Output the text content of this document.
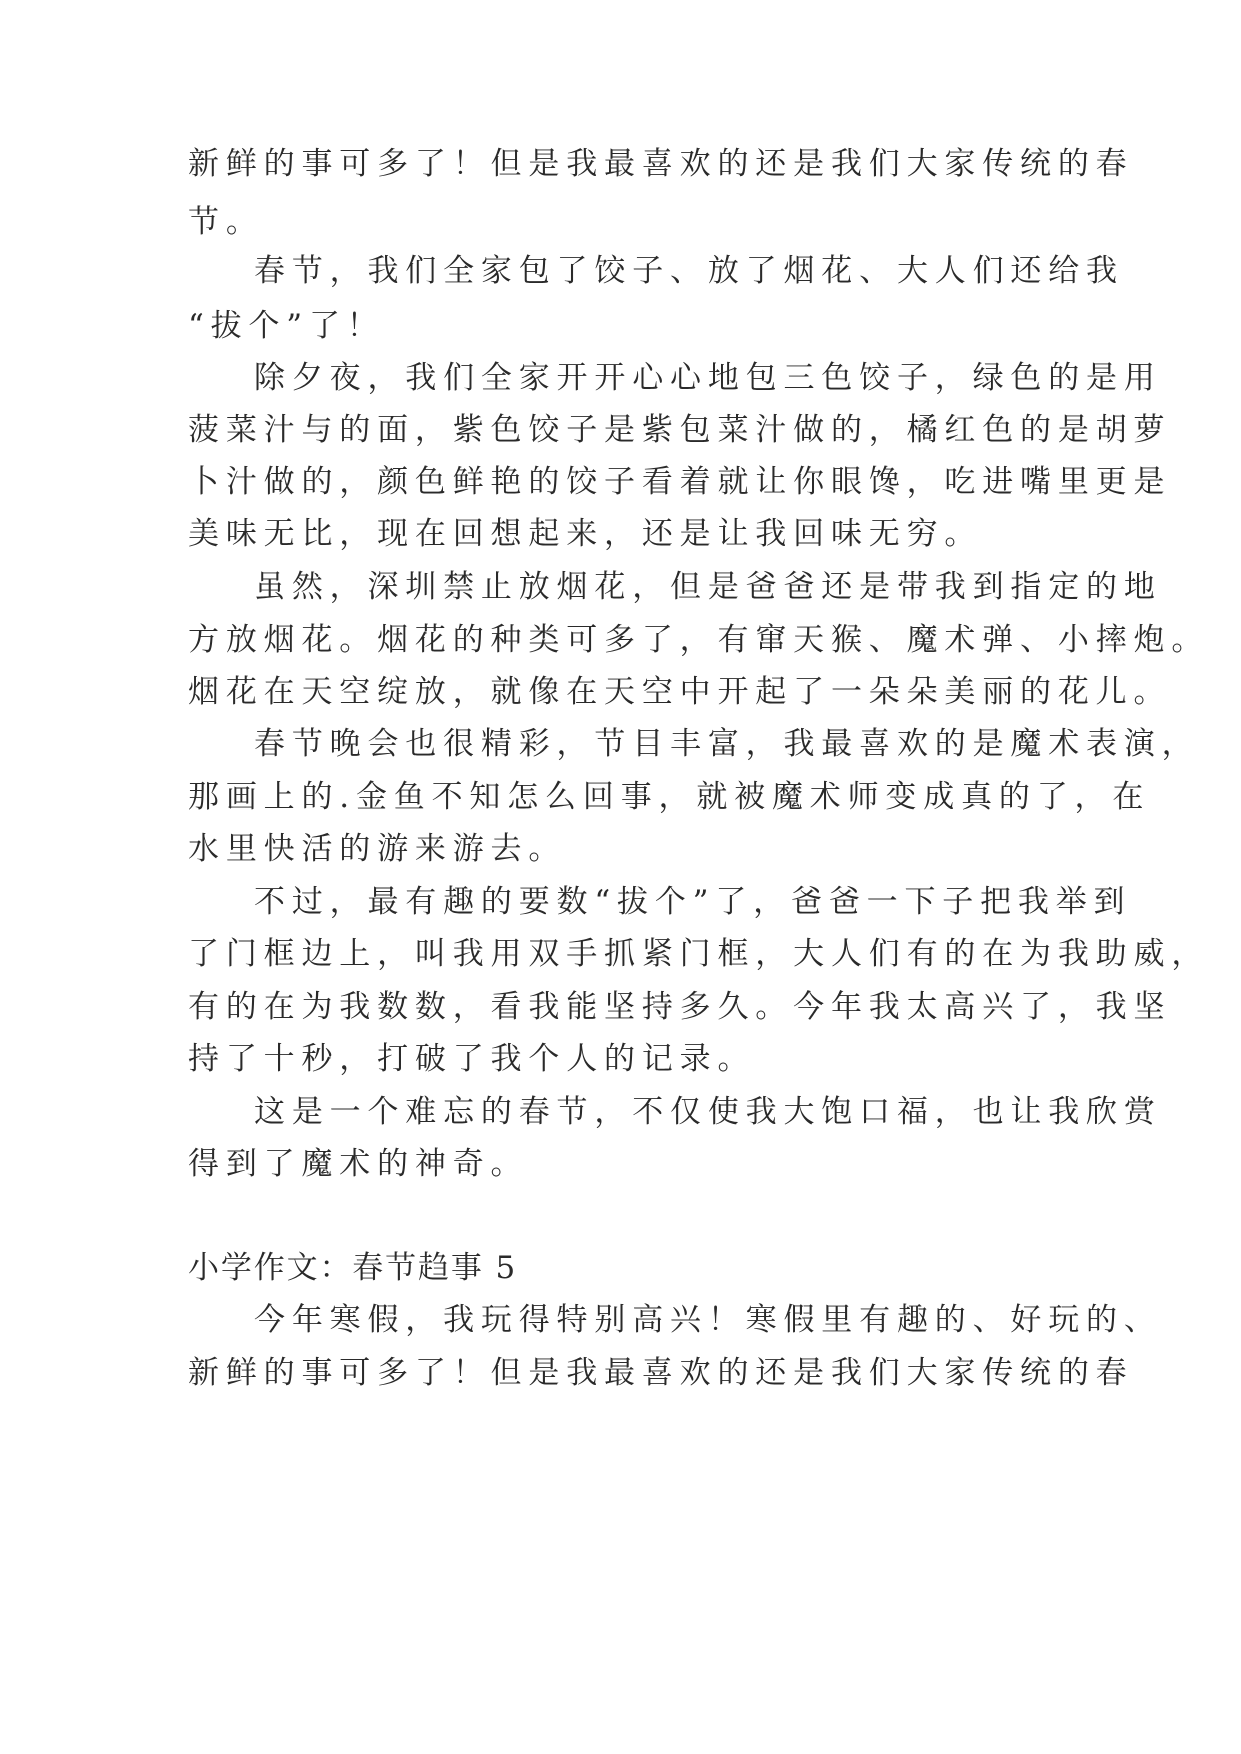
新鲜的事可多了！但是我最喜欢的还是我们大家传统的春
节。
春节，我们全家包了饺子、放了烟花、大人们还给我
“拔个”了！
除夕夜，我们全家开开心心地包三色饺子，绿色的是用
菠菜汁与的面，紫色饺子是紫包菜汁做的，橘红色的是胡萝
卜汁做的，颜色鲜艳的饺子看着就让你眼馋，吃进嘴里更是
美味无比，现在回想起来，还是让我回味无穷。
虽然，深圳禁止放烟花，但是爸爸还是带我到指定的地
方放烟花。烟花的种类可多了，有窜天猴、魔术弹、小摔炮。
烟花在天空绽放，就像在天空中开起了一朵朵美丽的花儿。
春节晚会也很精彩，节目丰富，我最喜欢的是魔术表演，
那画上的.金鱼不知怎么回事，就被魔术师变成真的了，在
水里快活的游来游去。
不过，最有趣的要数“拔个”了，爸爸一下子把我举到
了门框边上，叫我用双手抓紧门框，大人们有的在为我助威，
有的在为我数数，看我能坚持多久。今年我太高兴了，我坚
持了十秒，打破了我个人的记录。
这是一个难忘的春节，不仅使我大饱口福，也让我欣赏
得到了魔术的神奇。
小学作文：春节趋事 5
今年寒假，我玩得特别高兴！寒假里有趣的、好玩的、
新鲜的事可多了！但是我最喜欢的还是我们大家传统的春
